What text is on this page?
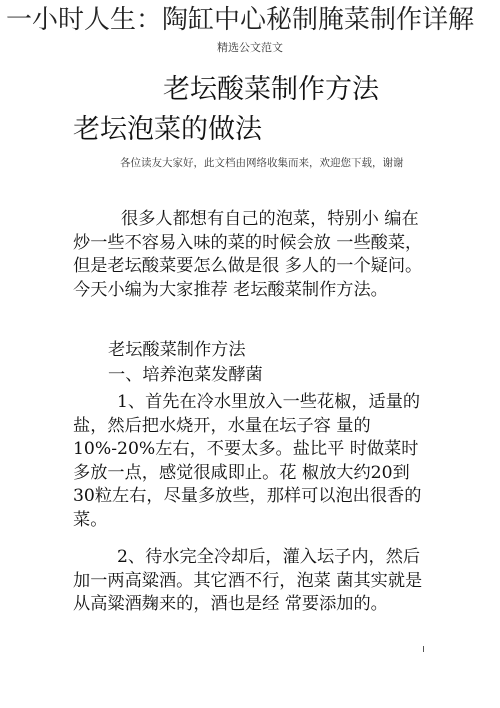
一小时人生：陶缸中心秘制腌菜制作详解
精选公文范文
老坛酸菜制作方法
老坛泡菜的做法
各位读友大家好，此文档由网络收集而来，欢迎您下载，谢谢

很多人都想有自己的泡菜，特别小 编在炒一些不容易入味的菜的时候会放 一些酸菜，但是老坛酸菜要怎么做是很 多人的一个疑问。今天小编为大家推荐 老坛酸菜制作方法。

老坛酸菜制作方法

一、培养泡菜发酵菌

1、首先在冷水里放入一些花椒，适量的盐，然后把水烧开，水量在坛子容 量的10%-20%左右，不要太多。盐比平 时做菜时多放一点，感觉很咸即止。花 椒放大约20到30粒左右，尽量多放些，那样可以泡出很香的菜。

2、待水完全冷却后，灌入坛子内，然后加一两高粱酒。其它酒不行，泡菜 菌其实就是从高粱酒麹来的，酒也是经 常要添加的。
